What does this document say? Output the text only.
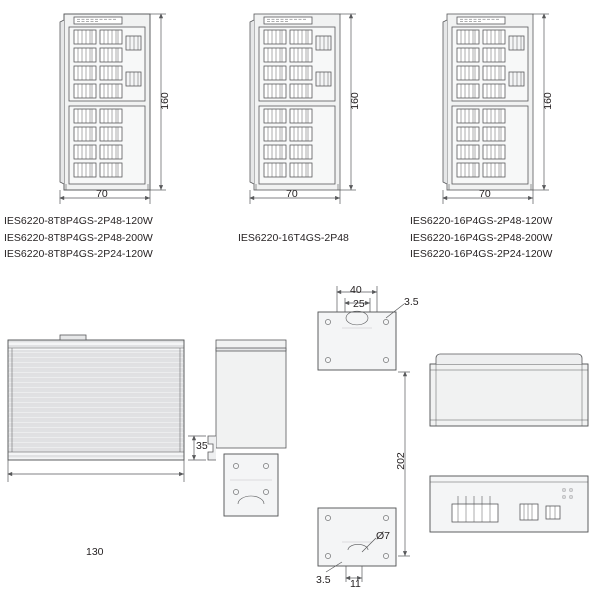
160	160	160
70	70	70
IES6220-8T8P4GS-2P48-120W
IES6220-8T8P4GS-2P48-200W
IES6220-8T8P4GS-2P24-120W
IES6220-16T4GS-2P48
IES6220-16P4GS-2P48-120W
IES6220-16P4GS-2P48-200W
IES6220-16P4GS-2P24-120W
130
35
40
25	3.5
202
Ø7
3.5 11
